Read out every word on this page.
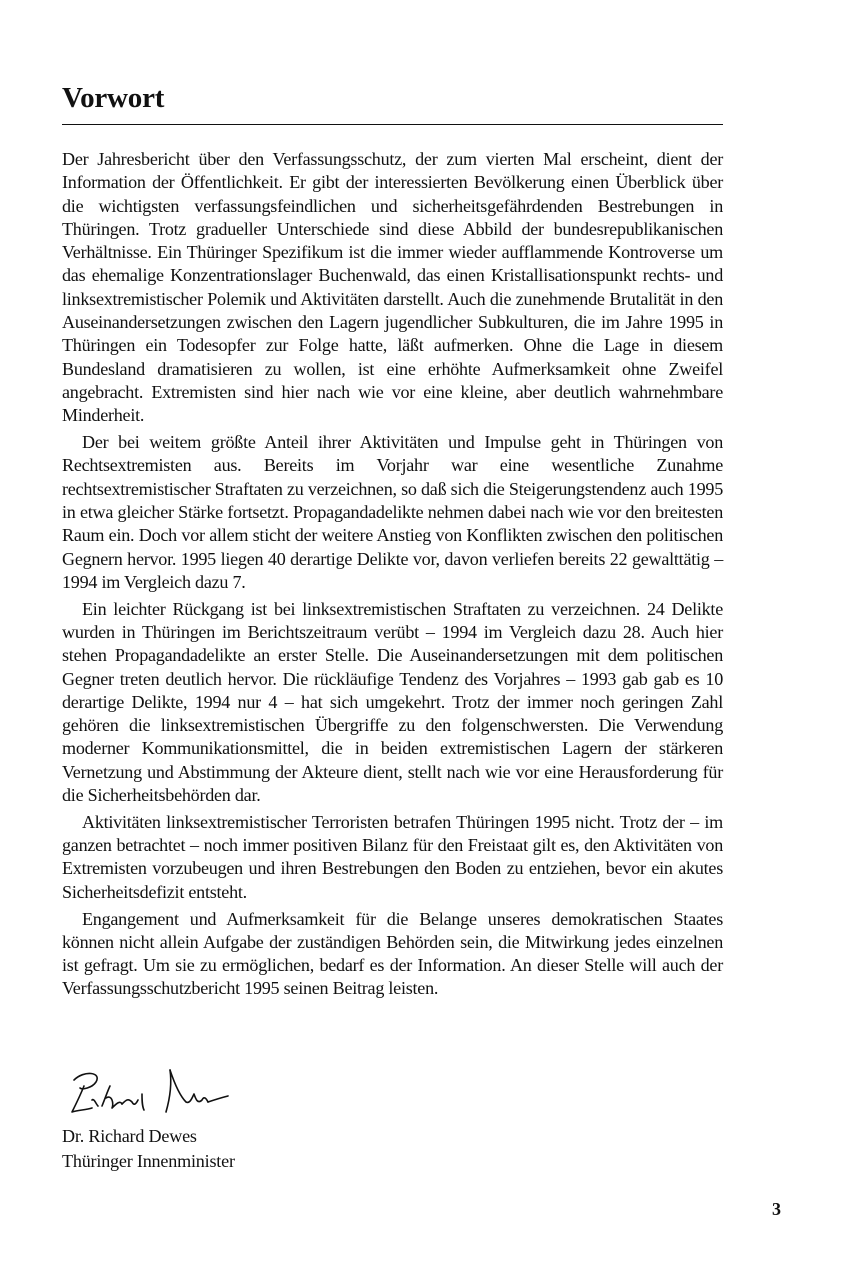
Vorwort

Der Jahresbericht über den Verfassungsschutz, der zum vierten Mal erscheint, dient der Information der Öffentlichkeit. Er gibt der interessierten Bevölkerung einen Überblick über die wichtigsten verfassungsfeindlichen und sicherheitsgefährdenden Bestrebungen in Thüringen. Trotz gradueller Unterschiede sind diese Abbild der bundesrepublikanischen Verhältnisse. Ein Thüringer Spezifikum ist die immer wieder aufflammende Kontroverse um das ehemalige Konzentrationslager Buchenwald, das einen Kristallisationspunkt rechts- und linksextremistischer Polemik und Aktivitäten darstellt. Auch die zunehmende Brutalität in den Auseinandersetzungen zwischen den Lagern jugendlicher Subkulturen, die im Jahre 1995 in Thüringen ein Todesopfer zur Folge hatte, läßt aufmerken. Ohne die Lage in diesem Bundesland dramatisieren zu wollen, ist eine erhöhte Aufmerksamkeit ohne Zweifel angebracht. Extremisten sind hier nach wie vor eine kleine, aber deutlich wahrnehmbare Minderheit.

Der bei weitem größte Anteil ihrer Aktivitäten und Impulse geht in Thüringen von Rechtsextremisten aus. Bereits im Vorjahr war eine wesentliche Zunahme rechtsextremistischer Straftaten zu verzeichnen, so daß sich die Steigerungstendenz auch 1995 in etwa gleicher Stärke fortsetzt. Propagandadelikte nehmen dabei nach wie vor den breitesten Raum ein. Doch vor allem sticht der weitere Anstieg von Konflikten zwischen den politischen Gegnern hervor. 1995 liegen 40 derartige Delikte vor, davon verliefen bereits 22 gewalttätig – 1994 im Vergleich dazu 7.

Ein leichter Rückgang ist bei linksextremistischen Straftaten zu verzeichnen. 24 Delikte wurden in Thüringen im Berichtszeitraum verübt – 1994 im Vergleich dazu 28. Auch hier stehen Propagandadelikte an erster Stelle. Die Auseinandersetzungen mit dem politischen Gegner treten deutlich hervor. Die rückläufige Tendenz des Vorjahres – 1993 gab gab es 10 derartige Delikte, 1994 nur 4 – hat sich umgekehrt. Trotz der immer noch geringen Zahl gehören die linksextremistischen Übergriffe zu den folgenschwersten. Die Verwendung moderner Kommunikationsmittel, die in beiden extremistischen Lagern der stärkeren Vernetzung und Abstimmung der Akteure dient, stellt nach wie vor eine Herausforderung für die Sicherheitsbehörden dar.

Aktivitäten linksextremistischer Terroristen betrafen Thüringen 1995 nicht. Trotz der – im ganzen betrachtet – noch immer positiven Bilanz für den Freistaat gilt es, den Aktivitäten von Extremisten vorzubeugen und ihren Bestrebungen den Boden zu entziehen, bevor ein akutes Sicherheitsdefizit entsteht.

Engangement und Aufmerksamkeit für die Belange unseres demokratischen Staates können nicht allein Aufgabe der zuständigen Behörden sein, die Mitwirkung jedes einzelnen ist gefragt. Um sie zu ermöglichen, bedarf es der Information. An dieser Stelle will auch der Verfassungsschutzbericht 1995 seinen Beitrag leisten.

Dr. Richard Dewes
Thüringer Innenminister
3
